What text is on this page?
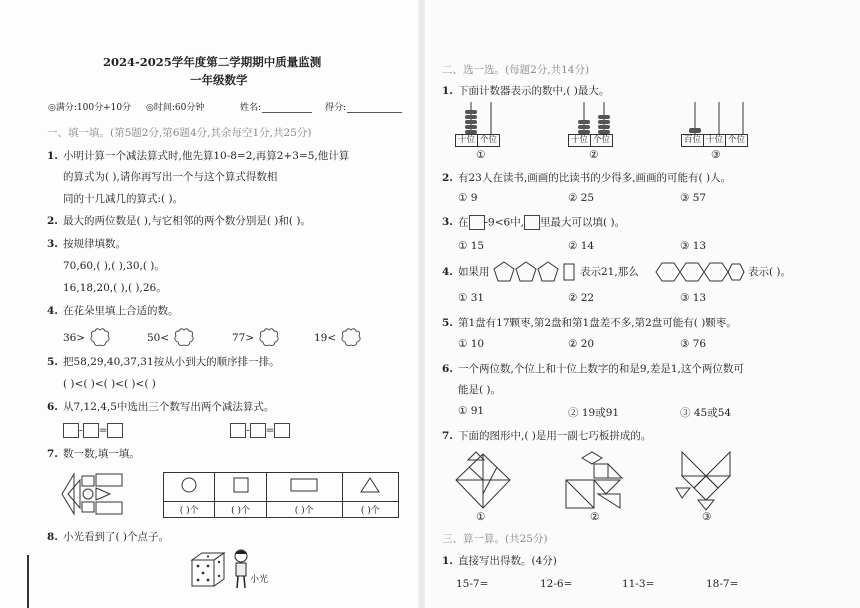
2024-2025学年度第二学期期中质量监测
一年级数学
◎满分:100分+10分 ◎时间:60分钟	姓名:	得分:
一、填一填。(第5题2分,第6题4分,其余每空1分,共25分)
1. 小明计算一个减法算式时,他先算10-8=2,再算2+3=5,他计算
的算式为( ),请你再写出一个与这个算式得数相
同的十几减几的算式:( )。
2. 最大的两位数是( ),与它相邻的两个数分别是( )和( )。
3. 按规律填数。
70,60,( ),( ),30,( )。
16,18,20,( ),( ),26。
4. 在花朵里填上合适的数。
36>	50<	77>	19<
5. 把58,29,40,37,31按从小到大的顺序排一排。
( )<( )<( )<( )<( )
6. 从7,12,4,5中选出三个数写出两个减法算式。
- =	- =
7. 数一数,填一填。

( )个	( )个	( )个	( )个
8. 小光看到了( )个点子。
小光
二、选一选。(每题2分,共14分)
1. 下面计数器表示的数中,( )最大。
十位 个位
①
十位 个位
②
百位 十位 个位
③
2. 有23人在读书,画画的比读书的少得多,画画的可能有( )人。
① 9	② 25	③ 57
3. 在 -9<6中, 里最大可以填( )。
① 15	② 14	③ 13
4. 如果用	表示21,那么	表示( )。
① 31	② 22	③ 13
5. 第1盘有17颗枣,第2盘和第1盘差不多,第2盘可能有( )颗枣。
① 10	② 20	③ 76
6. 一个两位数,个位上和十位上数字的和是9,差是1,这个两位数可
能是( )。
① 91	② 19或91	③ 45或54
7. 下面的图形中,( )是用一副七巧板拼成的。
①	②	③
三、算一算。(共25分)
1. 直接写出得数。(4分)
15-7=	12-6=	11-3=	18-7=
